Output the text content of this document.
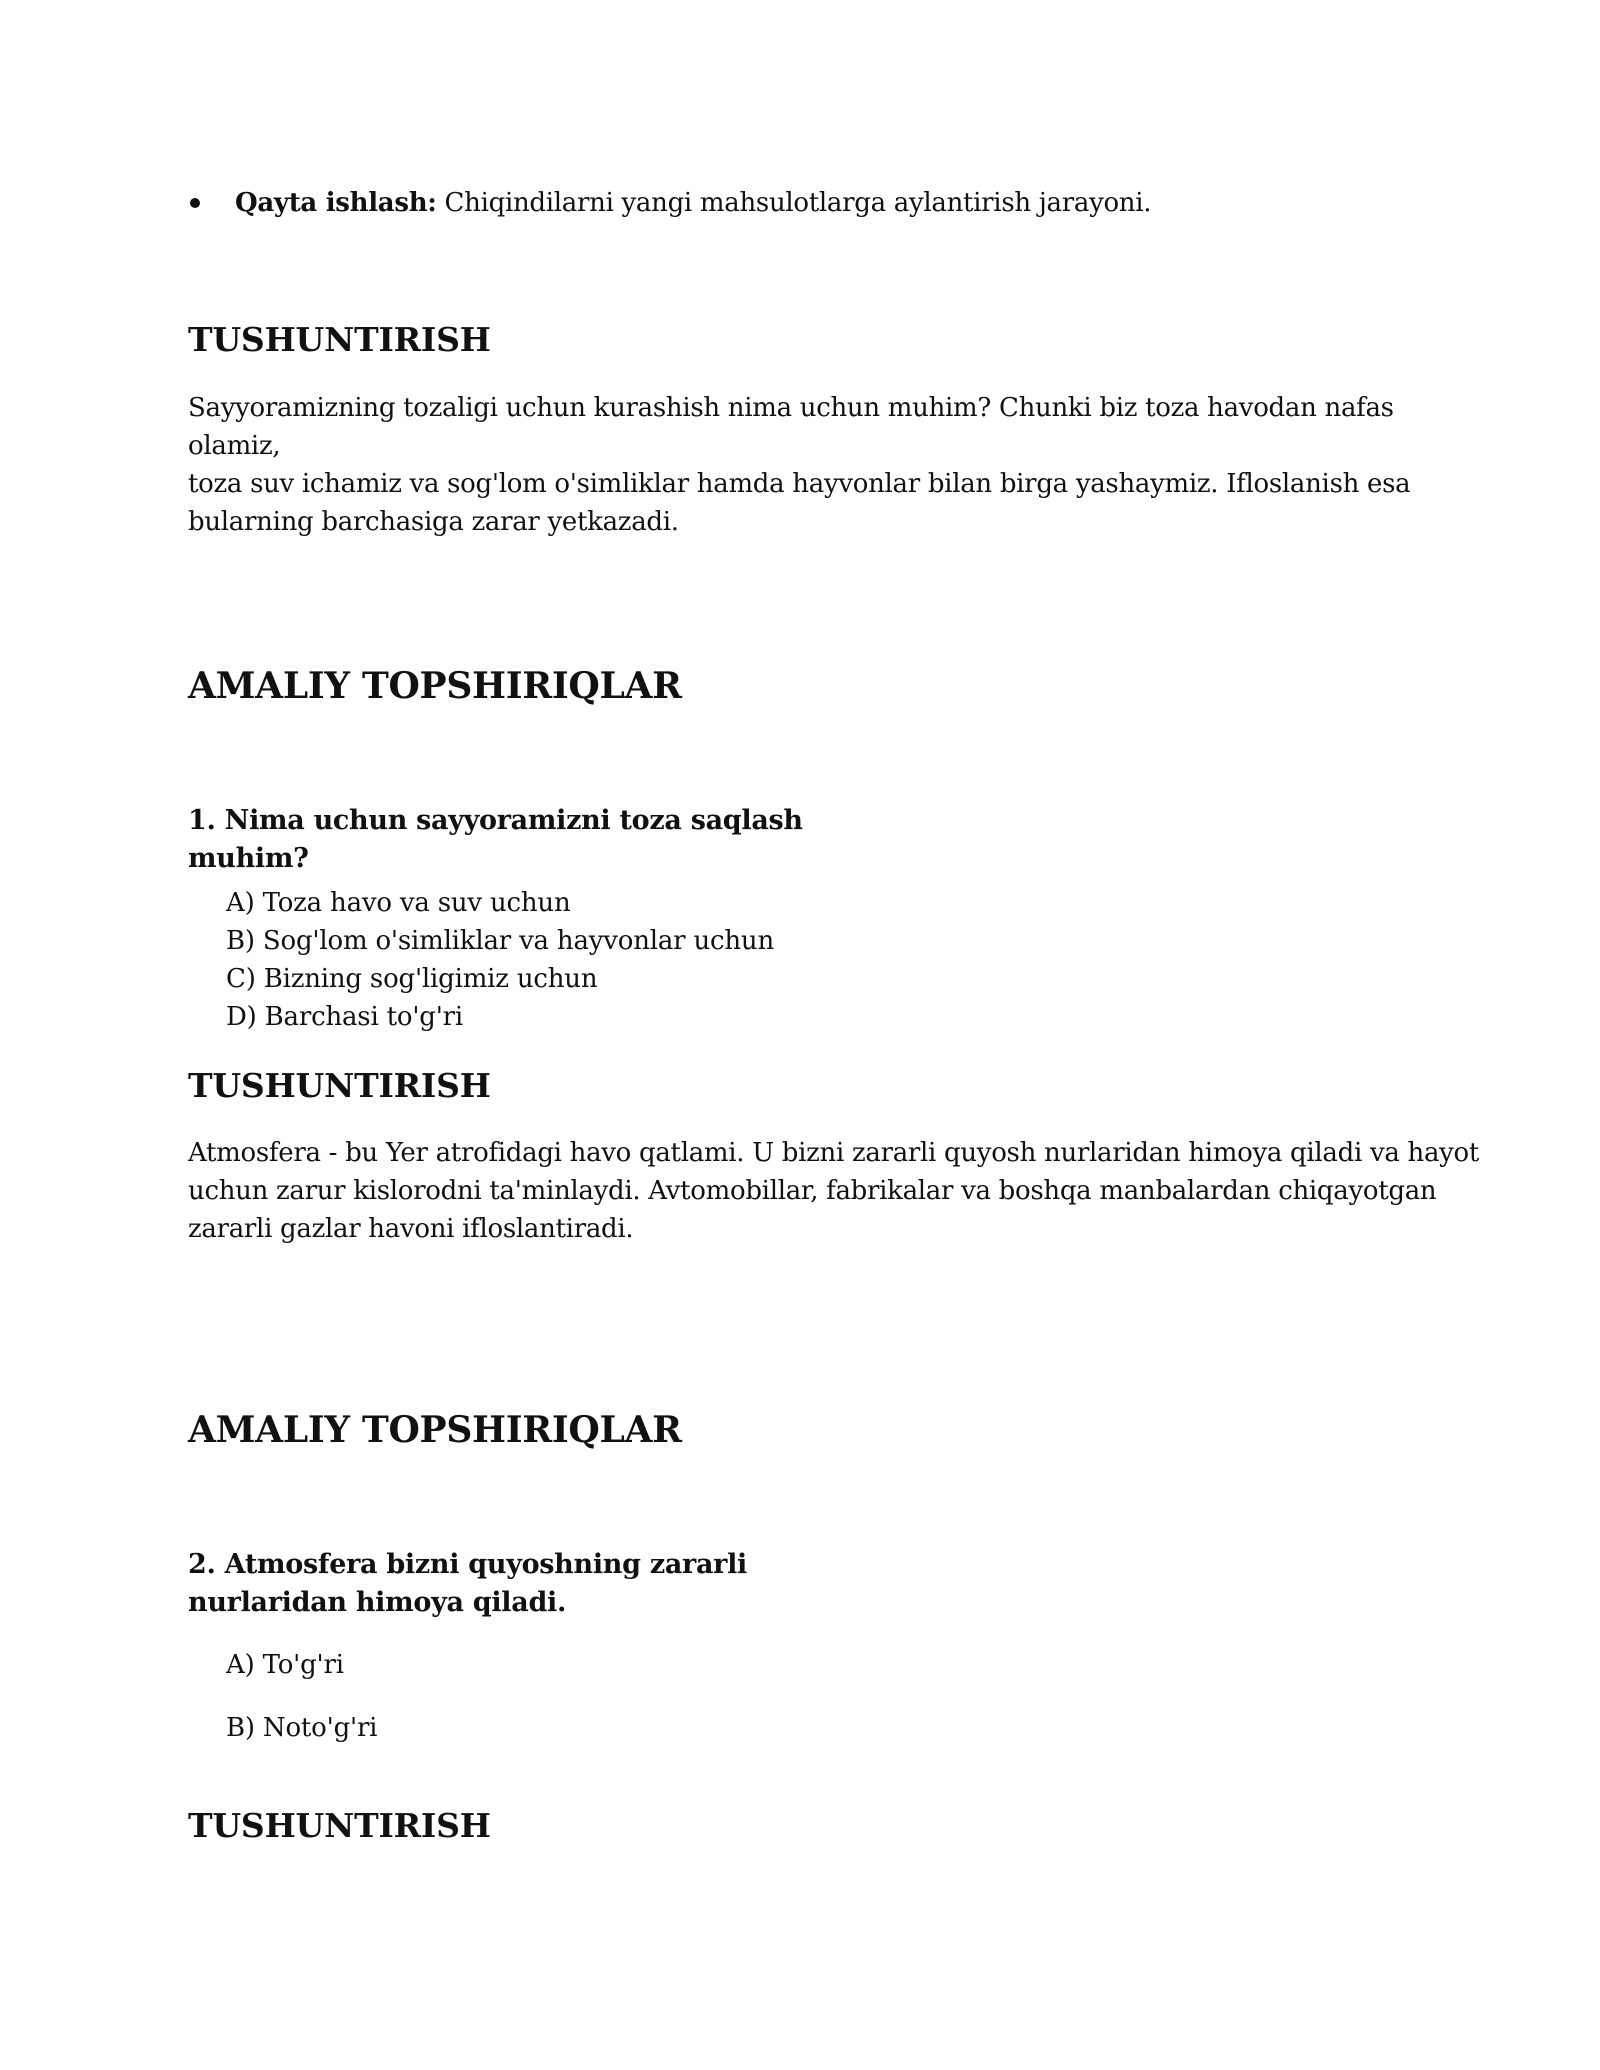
Qayta ishlash: Chiqindilarni yangi mahsulotlarga aylantirish jarayoni.

TUSHUNTIRISH
Sayyoramizning tozaligi uchun kurashish nima uchun muhim? Chunki biz toza havodan nafas olamiz,
toza suv ichamiz va sog'lom o'simliklar hamda hayvonlar bilan birga yashaymiz. Ifloslanish esa
bularning barchasiga zarar yetkazadi.
AMALIY TOPSHIRIQLAR
1. Nima uchun sayyoramizni toza saqlash
muhim?
A) Toza havo va suv uchun
B) Sog'lom o'simliklar va hayvonlar uchun
C) Bizning sog'ligimiz uchun
D) Barchasi to'g'ri
TUSHUNTIRISH
Atmosfera - bu Yer atrofidagi havo qatlami. U bizni zararli quyosh nurlaridan himoya qiladi va hayot
uchun zarur kislorodni ta'minlaydi. Avtomobillar, fabrikalar va boshqa manbalardan chiqayotgan
zararli gazlar havoni ifloslantiradi.
AMALIY TOPSHIRIQLAR
2. Atmosfera bizni quyoshning zararli
nurlaridan himoya qiladi.
A) To'g'ri
B) Noto'g'ri
TUSHUNTIRISH
